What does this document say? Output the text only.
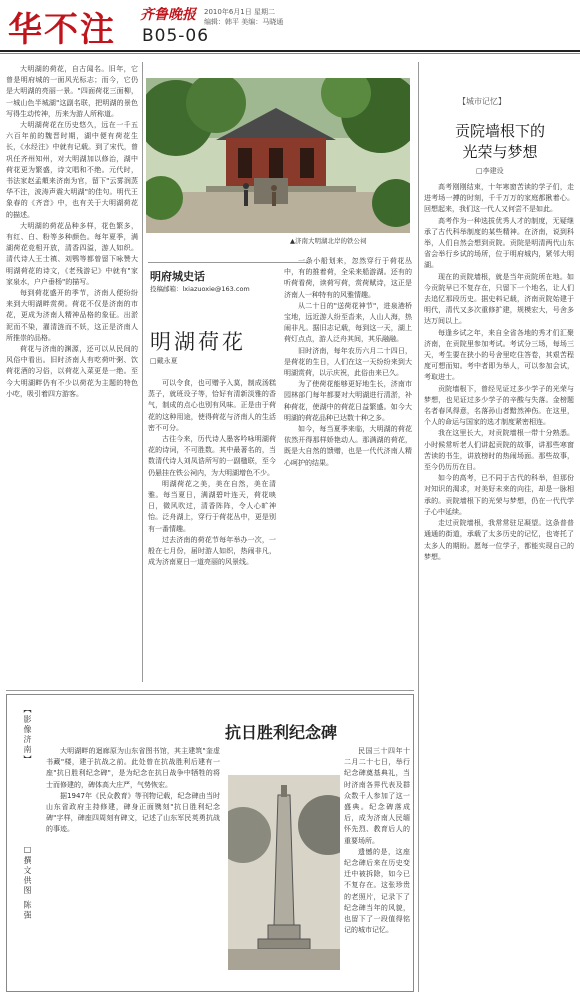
华不注 齐鲁晚报 2010年6月1日 星期二
编辑：韩平 美编：马晓通
B05-06

大明湖的荷花，自古闻名。旧年，它曾是明府城的一面风光标志；而今，它仍是大明湖的亮丽一景。"四面荷花三面柳，一城山色半城湖"这副名联，把明湖的景色写得生动传神，历来为游人所称道。

大明湖荷花在历史悠久，远在一千五六百年前的魏晋时期，湖中便有荷花生长，《水经注》中就有记载。到了宋代，曾巩任齐州知州，对大明湖加以修治，湖中荷花更为繁盛，诗文唱和不绝。元代时，书法家赵孟頫来济南为官，留下"云雾润蒸华不注，波涛声震大明湖"的佳句。明代王象春的《齐音》中，也有关于大明湖荷花的描述。

大明湖的荷花品种多样，花色繁多，有红、白、粉等多种颜色。每年夏季，满湖荷花竞相开放，清香四溢，游人如织。清代诗人王士禛、刘鹗等都曾留下咏赞大明湖荷花的诗文，《老残游记》中就有"家家泉水，户户垂杨"的描写。

每到荷花盛开的季节，济南人便纷纷来到大明湖畔赏荷。荷花不仅是济南的市花，更成为济南人精神品格的象征。出淤泥而不染，濯清涟而不妖，这正是济南人所推崇的品格。

荷花与济南的渊源，还可以从民间的风俗中看出。旧时济南人有吃荷叶粥、饮荷花酒的习俗，以荷花入菜更是一绝。至今大明湖畔仍有不少以荷花为主题的特色小吃，吸引着四方游客。

▲济南大明湖北岸的铁公祠
明府城史话
投稿邮箱：lxiazuoxie@163.com
明湖荷花
□戴永夏

可以令食，也可赠予入莫，制成汤糕蒸子，就班设子等，恰好有清新淡雅的香气，制成的点心也别有风味。正是由于荷花的这种用途，使得荷花与济南人的生活密不可分。

古往今来，历代诗人墨客吟咏明湖荷花的诗词，不可胜数。其中最著名的，当数清代诗人刘凤诰所写的一副楹联，至今仍悬挂在铁公祠内，为大明湖增色不少。

明湖荷花之美，美在自然，美在清雅。每当夏日，满湖碧叶连天，荷花映日，微风吹过，清香阵阵，令人心旷神怡。泛舟湖上，穿行于荷花丛中，更是别有一番情趣。

过去济南的荷花节每年举办一次，一般在七月份，届时游人如织，热闹非凡，成为济南夏日一道亮丽的风景线。

一条小船划来，忽然穿行于荷花丛中，有的推着荷，全采来船游湖。还有的听荷看荷，读荷写荷，赏荷赋诗，这正是济南人一种特有的风雅情趣。

从二十日的"送荷花神节"，进泉港桥宝地，远近游人纷至沓来，人山人海，热闹非凡。据旧志记载，每到这一天，湖上荷灯点点，游人泛舟其间，其乐融融。

旧时济南，每年农历六月二十四日，是荷花的生日，人们在这一天纷纷来到大明湖赏荷，以示庆祝，此俗由来已久。

为了使荷花能够更好地生长，济南市园林部门每年都要对大明湖进行清淤，补种荷花，使湖中的荷花日益繁盛。如今大明湖的荷花品种已达数十种之多。

如今，每当夏季来临，大明湖的荷花依然开得那样娇艳动人。那满湖的荷花，既是大自然的馈赠，也是一代代济南人精心呵护的结果。

【城市记忆】
贡院墙根下的
光荣与梦想
□李建设

高考刚刚结束，十年寒窗苦读的学子们，走进考场一搏的时刻，千千万万的家庭都揪着心。回想起来，我们这一代人又何尝不是如此。

高考作为一种选拔优秀人才的制度，无疑继承了古代科举制度的某些精神。在济南，说到科举，人们自然会想到贡院。贡院是明清两代山东省会举行乡试的场所，位于明府城内，紧邻大明湖。

现在的贡院墙根，就是当年贡院所在地。如今贡院早已不复存在，只留下一个地名，让人们去追忆那段历史。据史料记载，济南贡院始建于明代，清代又多次重修扩建，规模宏大，号舍多达万间以上。

每逢乡试之年，来自全省各地的秀才们汇聚济南，在贡院里参加考试。考试分三场，每场三天，考生要在狭小的号舍里吃住答卷，其艰苦程度可想而知。考中者即为举人，可以参加会试，考取进士。

贡院墙根下，曾经见证过多少学子的光荣与梦想，也见证过多少学子的辛酸与失落。金榜题名者春风得意，名落孙山者黯然神伤。在这里，个人的命运与国家的选才制度紧密相连。

我在这里长大，对贡院墙根一带十分熟悉。小时候常听老人们讲起贡院的故事，讲那些寒窗苦读的书生，讲放榜时的热闹场面。那些故事，至今仍历历在目。

如今的高考，已不同于古代的科举，但那份对知识的渴求，对美好未来的向往，却是一脉相承的。贡院墙根下的光荣与梦想，仍在一代代学子心中延续。

走过贡院墙根，我常常驻足凝望。这条普普通通的街道，承载了太多历史的记忆，也寄托了太多人的期盼。愿每一位学子，都能实现自己的梦想。

【影像济南】
□撰文供图 陈强
抗日胜利纪念碑

大明湖畔的迴廊原为山东省图书馆，其主建筑"奎虚书藏"楼，建于抗战之前。此处曾在抗战胜利后建有一座"抗日胜利纪念碑"，是为纪念在抗日战争中牺牲的将士而修建的，碑体高大庄严，气势恢宏。

据1947年《民众教育》等刊物记载，纪念碑由当时山东省政府主持修建，碑身正面镌刻"抗日胜利纪念碑"字样，碑座四周刻有碑文，记述了山东军民英勇抗战的事迹。

民国三十四年十二月二十七日，举行纪念碑奠基典礼，当时济南各界代表及群众数千人参加了这一盛典。纪念碑落成后，成为济南人民缅怀先烈、教育后人的重要场所。

遗憾的是，这座纪念碑后来在历史变迁中被拆除，如今已不复存在。这张珍贵的老照片，记录下了纪念碑当年的风貌，也留下了一段值得铭记的城市记忆。
